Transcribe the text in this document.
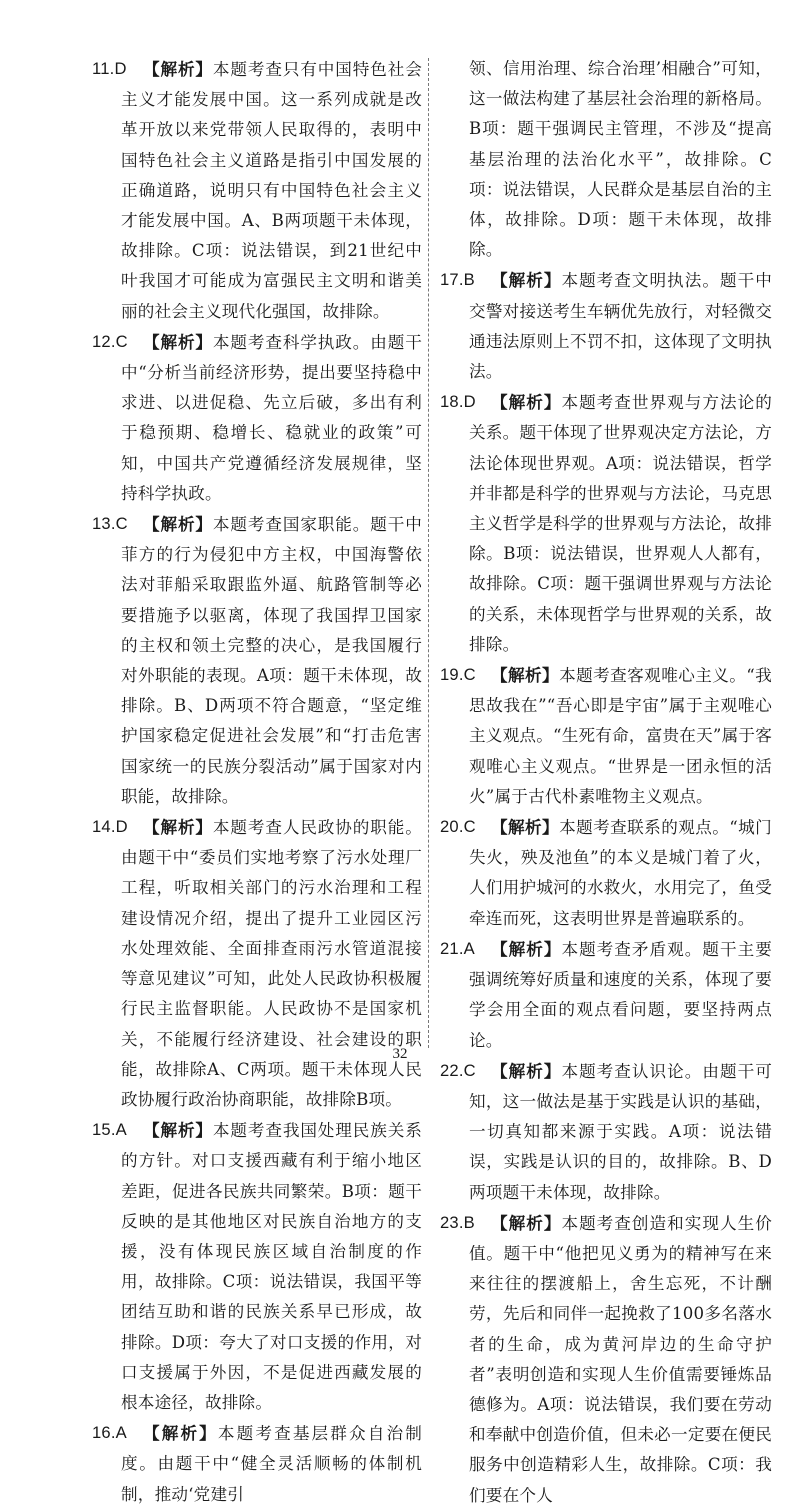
11.D 【解析】本题考查只有中国特色社会主义才能发展中国。这一系列成就是改革开放以来党带领人民取得的，表明中国特色社会主义道路是指引中国发展的正确道路，说明只有中国特色社会主义才能发展中国。A、B两项题干未体现，故排除。C项：说法错误，到21世纪中叶我国才可能成为富强民主文明和谐美丽的社会主义现代化强国，故排除。
12.C 【解析】本题考查科学执政。由题干中“分析当前经济形势，提出要坚持稳中求进、以进促稳、先立后破，多出有利于稳预期、稳增长、稳就业的政策”可知，中国共产党遵循经济发展规律，坚持科学执政。
13.C 【解析】本题考查国家职能。题干中菲方的行为侵犯中方主权，中国海警依法对菲船采取跟监外逼、航路管制等必要措施予以驱离，体现了我国捍卫国家的主权和领土完整的决心，是我国履行对外职能的表现。A项：题干未体现，故排除。B、D两项不符合题意，“坚定维护国家稳定促进社会发展”和“打击危害国家统一的民族分裂活动”属于国家对内职能，故排除。
14.D 【解析】本题考查人民政协的职能。由题干中“委员们实地考察了污水处理厂工程，听取相关部门的污水治理和工程建设情况介绍，提出了提升工业园区污水处理效能、全面排查雨污水管道混接等意见建议”可知，此处人民政协积极履行民主监督职能。人民政协不是国家机关，不能履行经济建设、社会建设的职能，故排除A、C两项。题干未体现人民政协履行政治协商职能，故排除B项。
15.A 【解析】本题考查我国处理民族关系的方针。对口支援西藏有利于缩小地区差距，促进各民族共同繁荣。B项：题干反映的是其他地区对民族自治地方的支援，没有体现民族区域自治制度的作用，故排除。C项：说法错误，我国平等团结互助和谐的民族关系早已形成，故排除。D项：夸大了对口支援的作用，对口支援属于外因，不是促进西藏发展的根本途径，故排除。
16.A 【解析】本题考查基层群众自治制度。由题干中“健全灵活顺畅的体制机制，推动‘党建引
领、信用治理、综合治理’相融合”可知，这一做法构建了基层社会治理的新格局。B项：题干强调民主管理，不涉及“提高基层治理的法治化水平”，故排除。C项：说法错误，人民群众是基层自治的主体，故排除。D项：题干未体现，故排除。
17.B 【解析】本题考查文明执法。题干中交警对接送考生车辆优先放行，对轻微交通违法原则上不罚不扣，这体现了文明执法。
18.D 【解析】本题考查世界观与方法论的关系。题干体现了世界观决定方法论，方法论体现世界观。A项：说法错误，哲学并非都是科学的世界观与方法论，马克思主义哲学是科学的世界观与方法论，故排除。B项：说法错误，世界观人人都有，故排除。C项：题干强调世界观与方法论的关系，未体现哲学与世界观的关系，故排除。
19.C 【解析】本题考查客观唯心主义。“我思故我在”“吾心即是宇宙”属于主观唯心主义观点。“生死有命，富贵在天”属于客观唯心主义观点。“世界是一团永恒的活火”属于古代朴素唯物主义观点。
20.C 【解析】本题考查联系的观点。“城门失火，殃及池鱼”的本义是城门着了火，人们用护城河的水救火，水用完了，鱼受牵连而死，这表明世界是普遍联系的。
21.A 【解析】本题考查矛盾观。题干主要强调统筹好质量和速度的关系，体现了要学会用全面的观点看问题，要坚持两点论。
22.C 【解析】本题考查认识论。由题干可知，这一做法是基于实践是认识的基础，一切真知都来源于实践。A项：说法错误，实践是认识的目的，故排除。B、D两项题干未体现，故排除。
23.B 【解析】本题考查创造和实现人生价值。题干中“他把见义勇为的精神写在来来往往的摆渡船上，舍生忘死，不计酬劳，先后和同伴一起挽救了100多名落水者的生命，成为黄河岸边的生命守护者”表明创造和实现人生价值需要锤炼品德修为。A项：说法错误，我们要在劳动和奉献中创造价值，但未必一定要在便民服务中创造精彩人生，故排除。C项：我们要在个人
32
